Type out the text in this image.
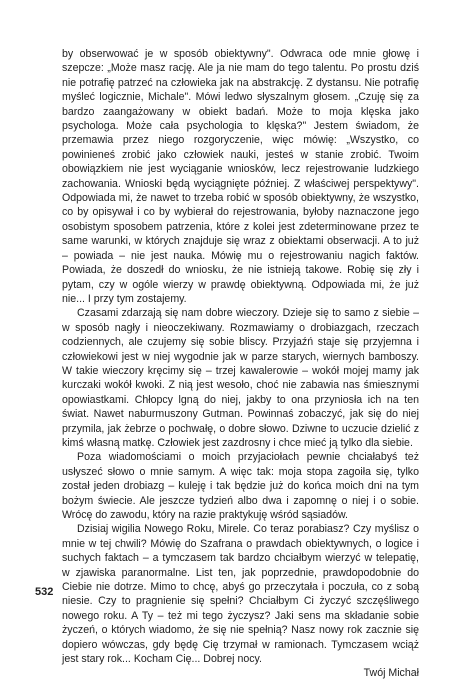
by obserwować je w sposób obiektywny". Odwraca ode mnie głowę i szepcze: „Może masz rację. Ale ja nie mam do tego talentu. Po prostu dziś nie potrafię patrzeć na człowieka jak na abstrakcję. Z dystansu. Nie potrafię myśleć logicznie, Michale". Mówi ledwo słyszalnym głosem. „Czuję się za bardzo zaangażowany w obiekt badań. Może to moja klęska jako psychologa. Może cała psychologia to klęska?" Jestem świadom, że przemawia przez niego rozgoryczenie, więc mówię: „Wszystko, co powinieneś zrobić jako człowiek nauki, jesteś w stanie zrobić. Twoim obowiązkiem nie jest wyciąganie wniosków, lecz rejestrowanie ludzkiego zachowania. Wnioski będą wyciągnięte później. Z właściwej perspektywy". Odpowiada mi, że nawet to trzeba robić w sposób obiektywny, że wszystko, co by opisywał i co by wybierał do rejestrowania, byłoby naznaczone jego osobistym sposobem patrzenia, które z kolei jest zdeterminowane przez te same warunki, w których znajduje się wraz z obiektami obserwacji. A to już – powiada – nie jest nauka. Mówię mu o rejestrowaniu nagich faktów. Powiada, że doszedł do wniosku, że nie istnieją takowe. Robię się zły i pytam, czy w ogóle wierzy w prawdę obiektywną. Odpowiada mi, że już nie... I przy tym zostajemy.

Czasami zdarzają się nam dobre wieczory. Dzieje się to samo z siebie – w sposób nagły i nieoczekiwany. Rozmawiamy o drobiazgach, rzeczach codziennych, ale czujemy się sobie bliscy. Przyjaźń staje się przyjemna i człowiekowi jest w niej wygodnie jak w parze starych, wiernych bamboszy. W takie wieczory kręcimy się – trzej kawalerowie – wokół mojej mamy jak kurczaki wokół kwoki. Z nią jest wesoło, choć nie zabawia nas śmiesznymi opowiastkami. Chłopcy lgną do niej, jakby to ona przyniosła ich na ten świat. Nawet naburmuszony Gutman. Powinnaś zobaczyć, jak się do niej przymila, jak żebrze o pochwałę, o dobre słowo. Dziwne to uczucie dzielić z kimś własną matkę. Człowiek jest zazdrosny i chce mieć ją tylko dla siebie.

Poza wiadomościami o moich przyjaciołach pewnie chciałabyś też usłyszeć słowo o mnie samym. A więc tak: moja stopa zagoiła się, tylko został jeden drobiazg – kuleję i tak będzie już do końca moich dni na tym bożym świecie. Ale jeszcze tydzień albo dwa i zapomnę o niej i o sobie. Wrócę do zawodu, który na razie praktykuję wśród sąsiadów.

Dzisiaj wigilia Nowego Roku, Mirele. Co teraz porabiasz? Czy myślisz o mnie w tej chwili? Mówię do Szafrana o prawdach obiektywnych, o logice i suchych faktach – a tymczasem tak bardzo chciałbym wierzyć w telepatię, w zjawiska paranormalne. List ten, jak poprzednie, prawdopodobnie do Ciebie nie dotrze. Mimo to chcę, abyś go przeczytała i poczuła, co z sobą niesie. Czy to pragnienie się spełni? Chciałbym Ci życzyć szczęśliwego nowego roku. A Ty – też mi tego życzysz? Jaki sens ma składanie sobie życzeń, o których wiadomo, że się nie spełnią? Nasz nowy rok zacznie się dopiero wówczas, gdy będę Cię trzymał w ramionach. Tymczasem wciąż jest stary rok... Kocham Cię... Dobrej nocy.

Twój Michał

532
